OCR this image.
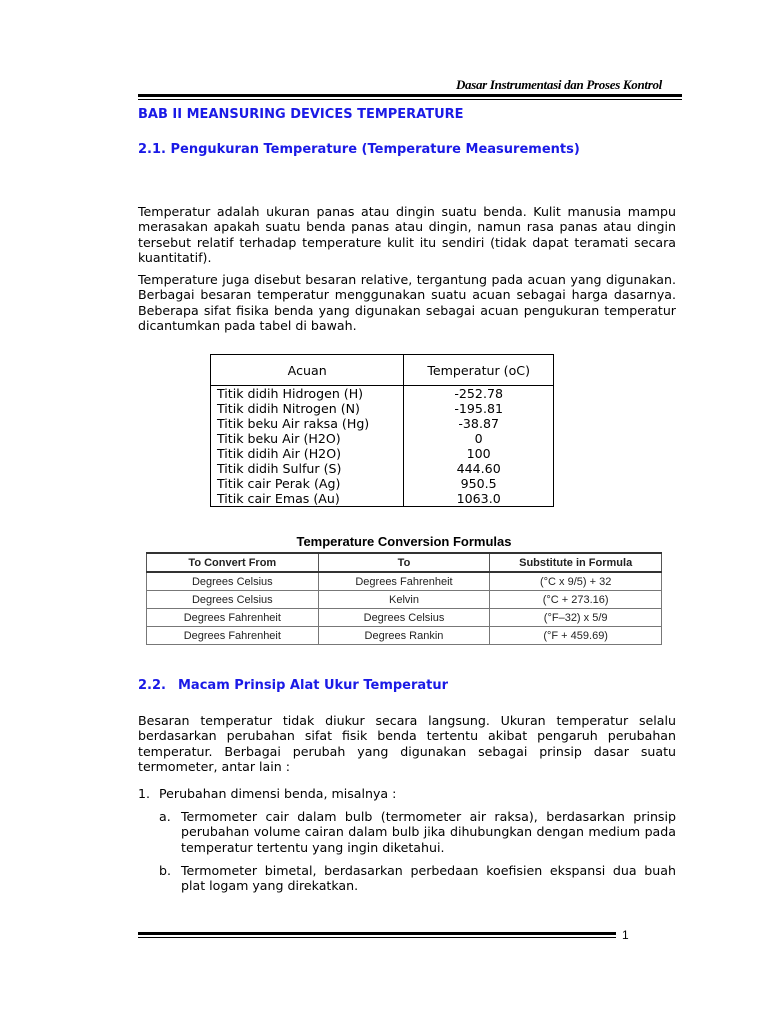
Dasar Instrumentasi dan Proses Kontrol
BAB II MEANSURING DEVICES TEMPERATURE
2.1. Pengukuran Temperature (Temperature Measurements)

Temperatur adalah ukuran panas atau dingin suatu benda. Kulit manusia mampu merasakan apakah suatu benda panas atau dingin, namun rasa panas atau dingin tersebut relatif terhadap temperature kulit itu sendiri (tidak dapat teramati secara kuantitatif).

Temperature juga disebut besaran relative, tergantung pada acuan yang digunakan. Berbagai besaran temperatur menggunakan suatu acuan sebagai harga dasarnya. Beberapa sifat fisika benda yang digunakan sebagai acuan pengukuran temperatur dicantumkan pada tabel di bawah.

Acuan	Temperatur (oC)
Titik didih Hidrogen (H)	-252.78
Titik didih Nitrogen (N)	-195.81
Titik beku Air raksa (Hg)	-38.87
Titik beku Air (H2O)	0
Titik didih Air (H2O)	100
Titik didih Sulfur (S)	444.60
Titik cair Perak (Ag)	950.5
Titik cair Emas (Au)	1063.0
Temperature Conversion Formulas
To Convert From	To	Substitute in Formula
Degrees Celsius	Degrees Fahrenheit	(°C x 9/5) + 32
Degrees Celsius	Kelvin	(°C + 273.16)
Degrees Fahrenheit	Degrees Celsius	(°F–32) x 5/9
Degrees Fahrenheit	Degrees Rankin	(°F + 459.69)
2.2. Macam Prinsip Alat Ukur Temperatur

Besaran temperatur tidak diukur secara langsung. Ukuran temperatur selalu berdasarkan perubahan sifat fisik benda tertentu akibat pengaruh perubahan temperatur. Berbagai perubah yang digunakan sebagai prinsip dasar suatu termometer, antar lain :

1. Perubahan dimensi benda, misalnya :
a. Termometer cair dalam bulb (termometer air raksa), berdasarkan prinsip perubahan volume cairan dalam bulb jika dihubungkan dengan medium pada temperatur tertentu yang ingin diketahui.
b. Termometer bimetal, berdasarkan perbedaan koefisien ekspansi dua buah plat logam yang direkatkan.
1
